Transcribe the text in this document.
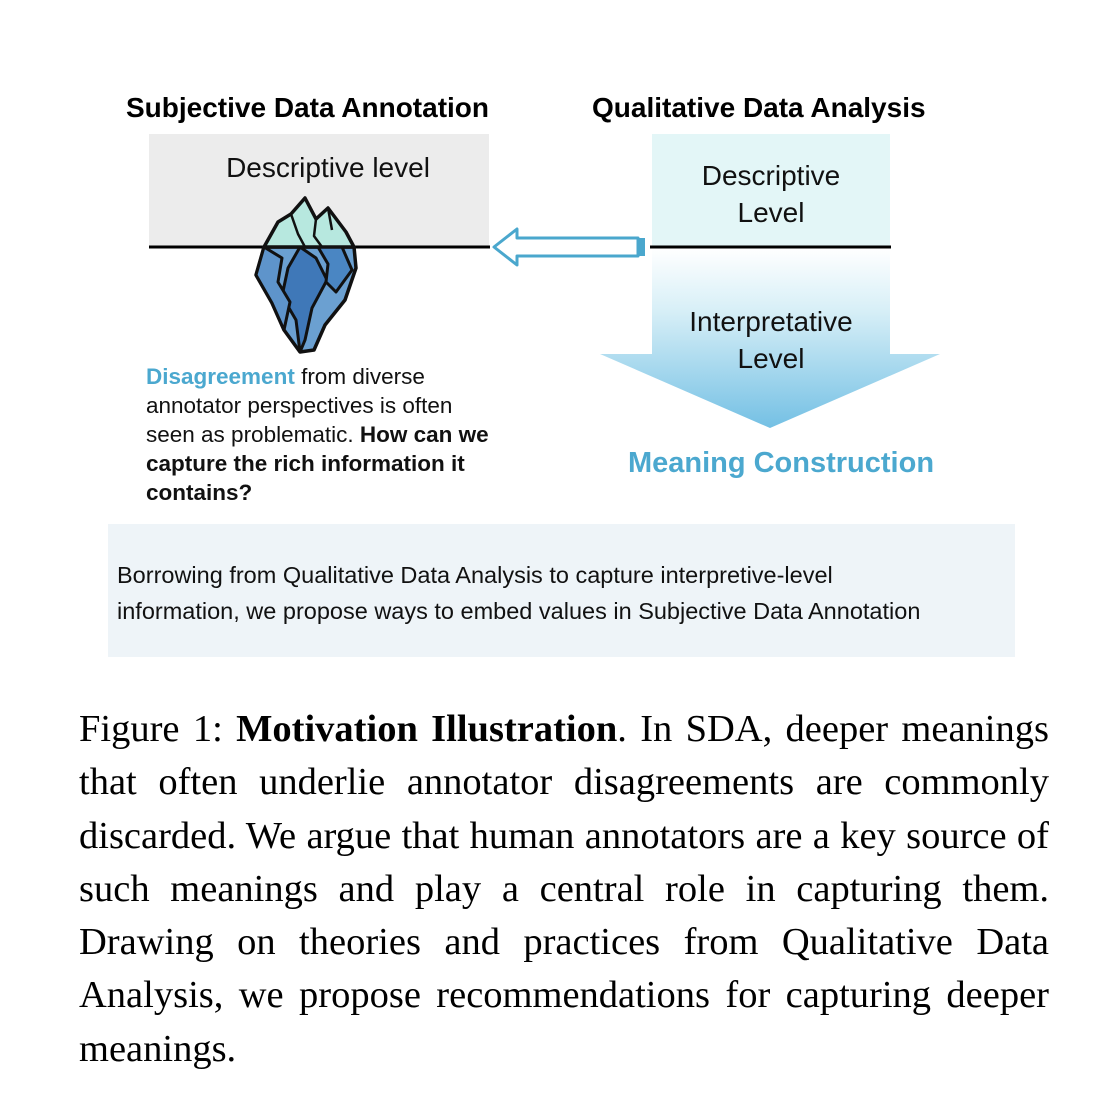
Subjective Data Annotation	Qualitative Data Analysis
Descriptive level	Descriptive
Level
Interpretative
Level
Meaning Construction
Disagreement from diverse annotator perspectives is often seen as problematic. How can we capture the rich information it contains?
Borrowing from Qualitative Data Analysis to capture interpretive-level
information, we propose ways to embed values in Subjective Data Annotation
Figure 1: Motivation Illustration. In SDA, deeper meanings that often underlie annotator disagreements are commonly discarded. We argue that human annotators are a key source of such meanings and play a central role in capturing them. Drawing on theories and practices from Qualitative Data Analysis, we propose recommendations for capturing deeper meanings.
